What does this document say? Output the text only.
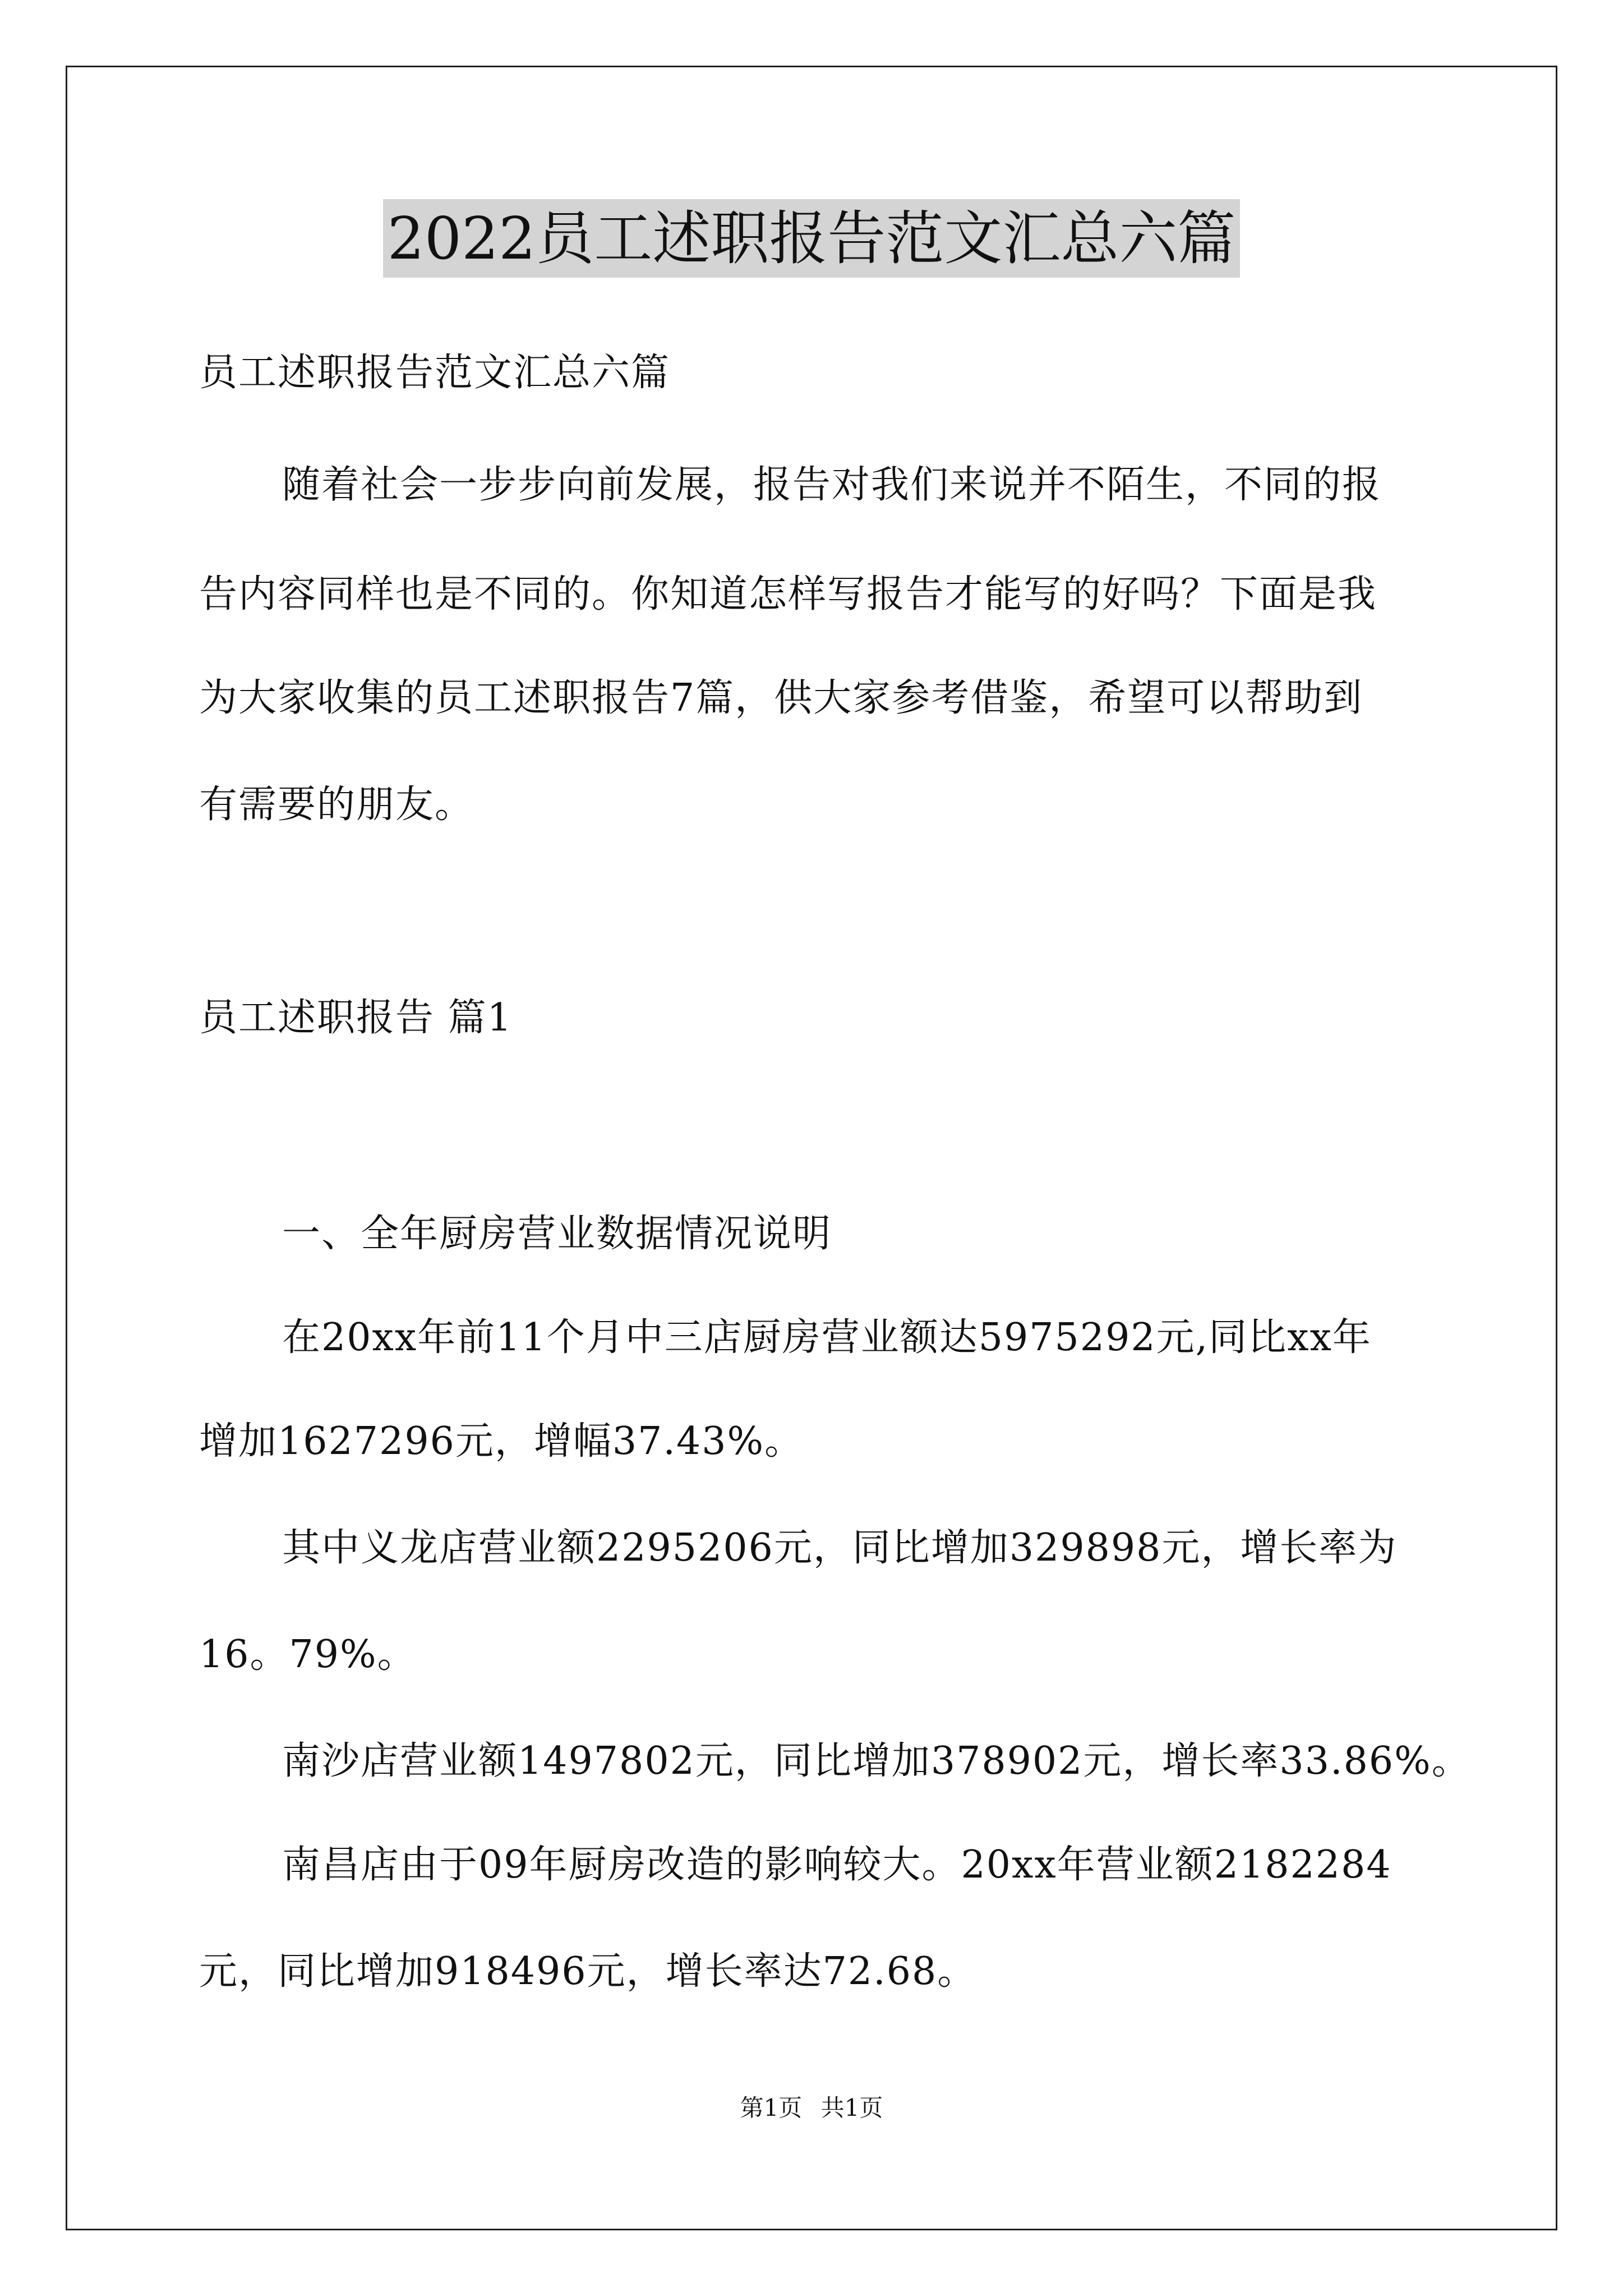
2022员工述职报告范文汇总六篇
员工述职报告范文汇总六篇
随着社会一步步向前发展，报告对我们来说并不陌生，不同的报
告内容同样也是不同的。你知道怎样写报告才能写的好吗？下面是我
为大家收集的员工述职报告7篇，供大家参考借鉴，希望可以帮助到
有需要的朋友。
员工述职报告 篇1
一、全年厨房营业数据情况说明
在20xx年前11个月中三店厨房营业额达5975292元,同比xx年
增加1627296元，增幅37.43%。
其中义龙店营业额2295206元，同比增加329898元，增长率为
16。79%。
南沙店营业额1497802元，同比增加378902元，增长率33.86%。
南昌店由于09年厨房改造的影响较大。20xx年营业额2182284
元，同比增加918496元，增长率达72.68。
第1页 共1页
